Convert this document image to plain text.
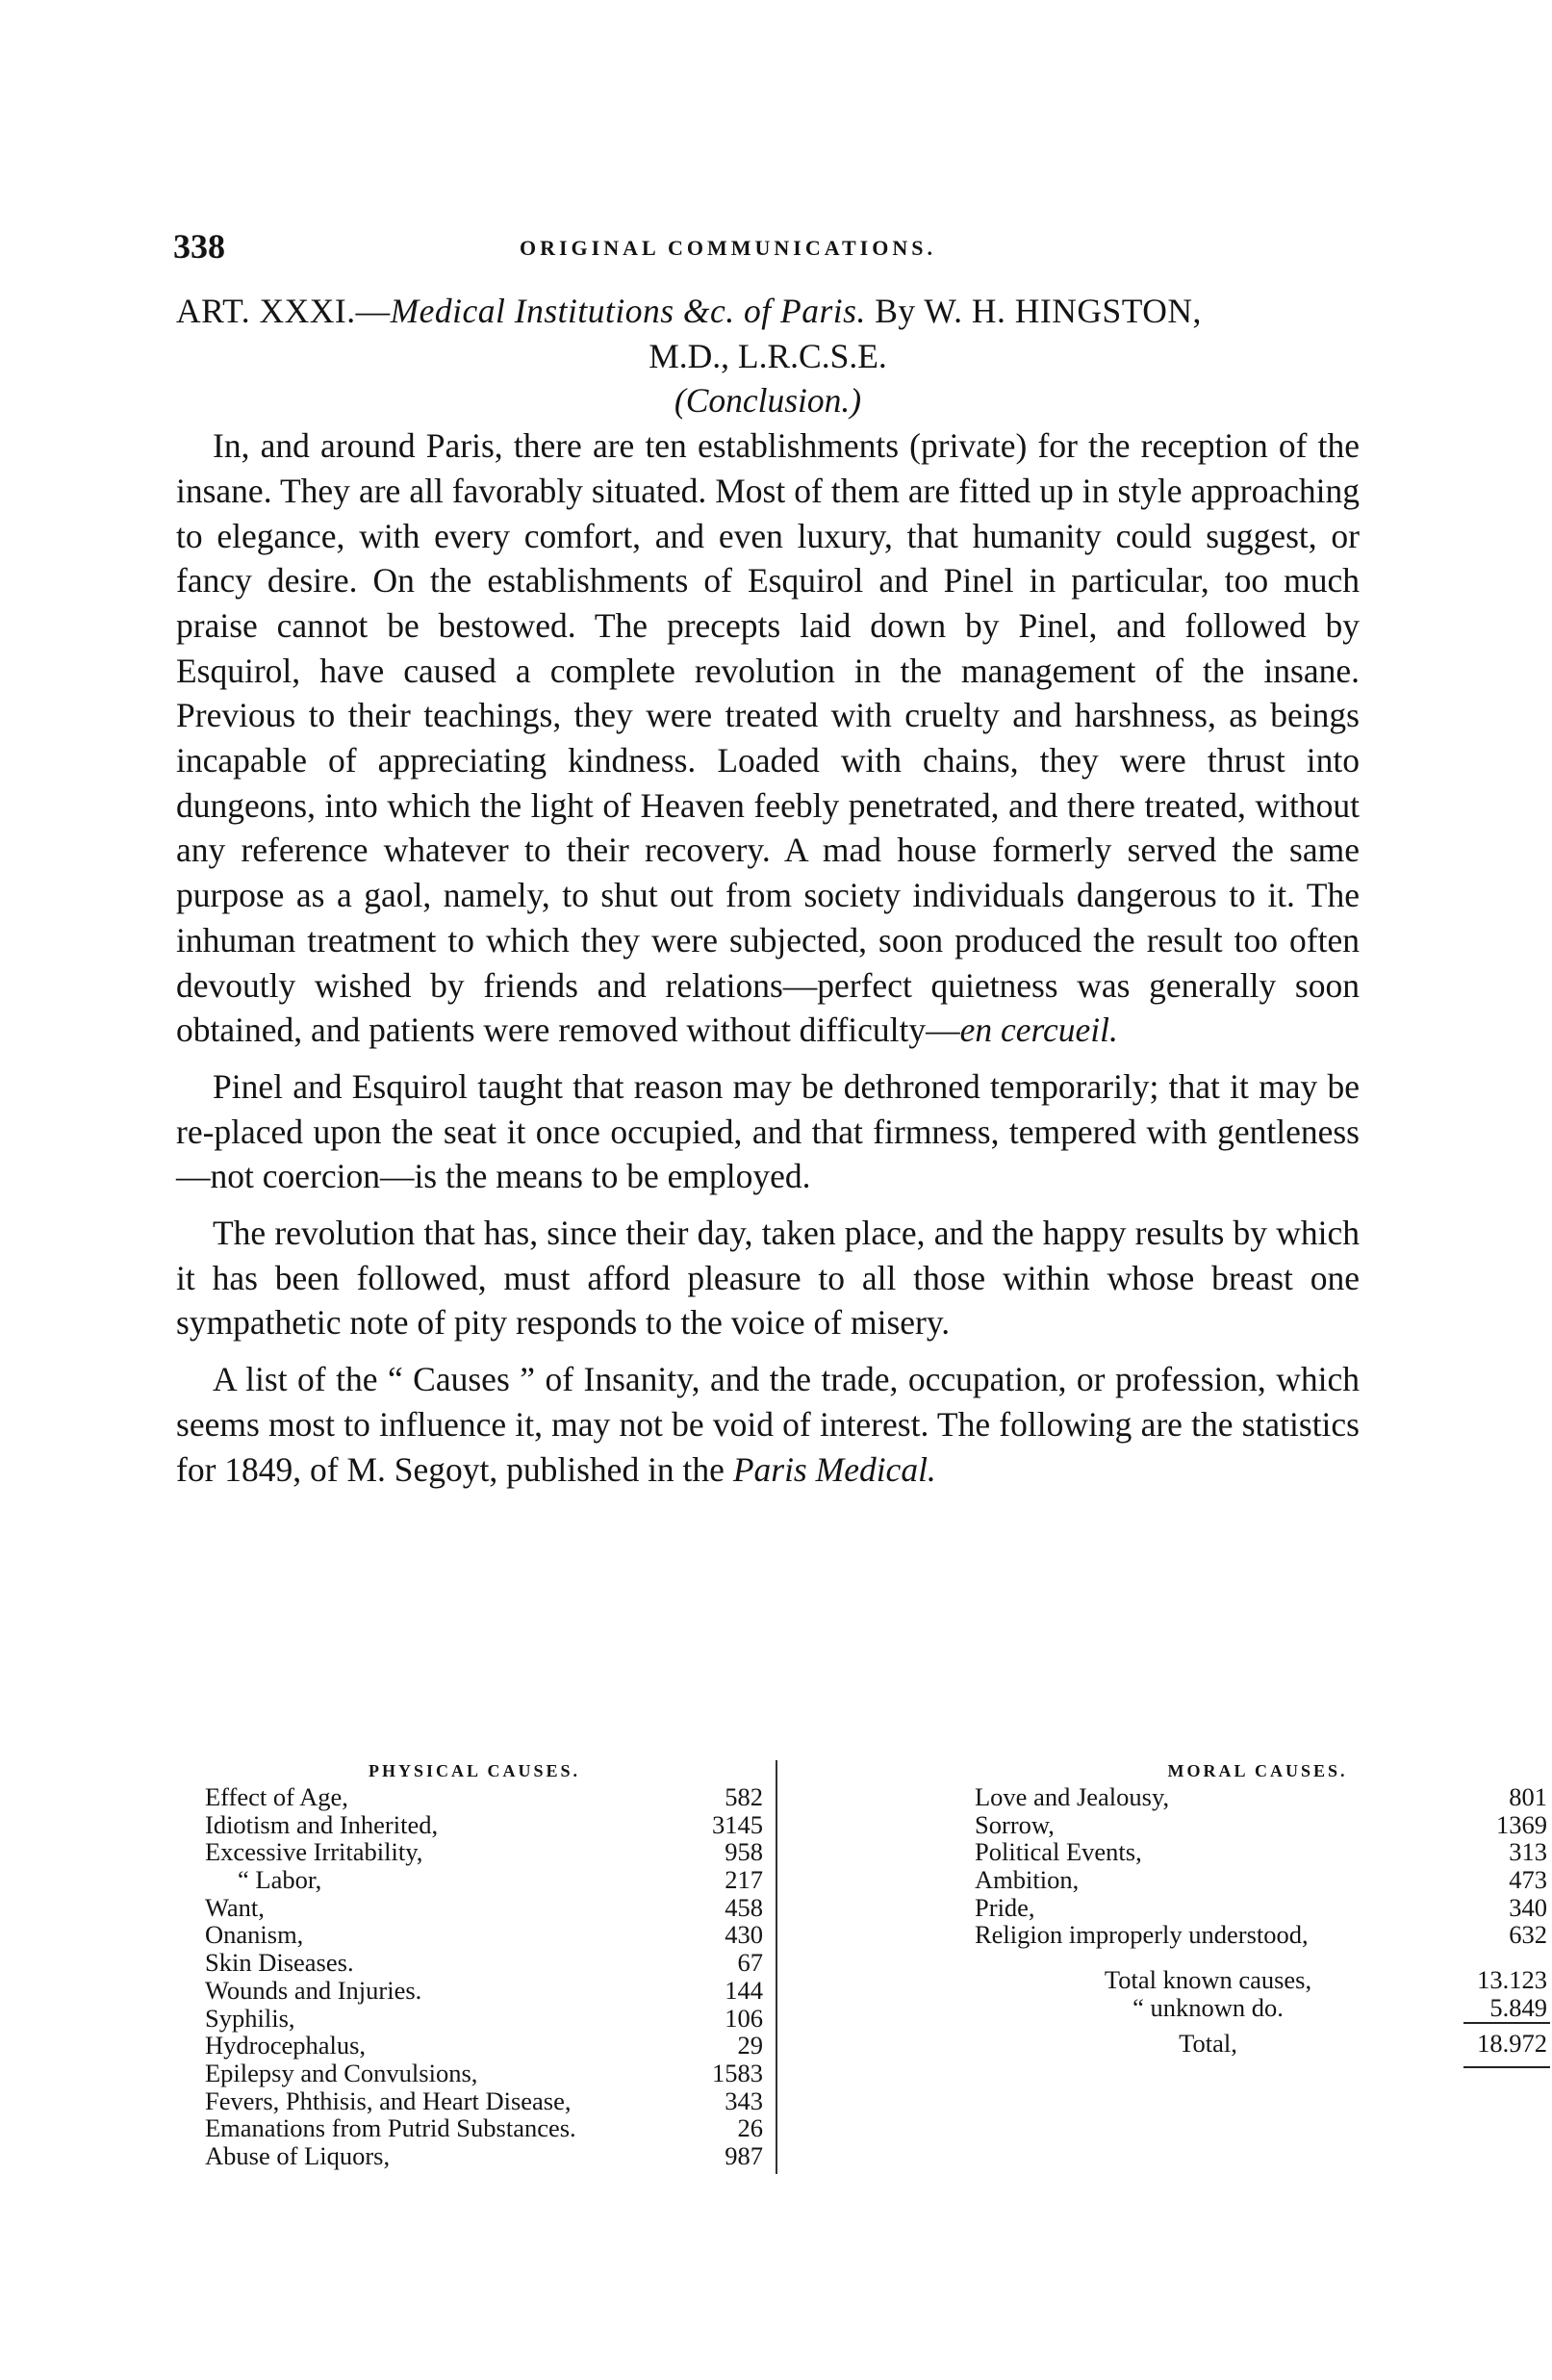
338	ORIGINAL COMMUNICATIONS.

ART. XXXI.—Medical Institutions &c. of Paris. By W. H. HINGSTON,

M.D., L.R.C.S.E.

(Conclusion.)

In, and around Paris, there are ten establishments (private) for the reception of the insane. They are all favorably situated. Most of them are fitted up in style approaching to elegance, with every comfort, and even luxury, that humanity could suggest, or fancy desire. On the establishments of Esquirol and Pinel in particular, too much praise cannot be bestowed. The precepts laid down by Pinel, and followed by Esquirol, have caused a complete revolution in the management of the insane. Previous to their teachings, they were treated with cruelty and harshness, as beings incapable of appreciating kindness. Loaded with chains, they were thrust into dungeons, into which the light of Heaven feebly penetrated, and there treated, without any reference whatever to their recovery. A mad house formerly served the same purpose as a gaol, namely, to shut out from society individuals dangerous to it. The inhuman treatment to which they were subjected, soon produced the result too often devoutly wished by friends and relations—perfect quietness was generally soon obtained, and patients were removed without difficulty—en cercueil.

Pinel and Esquirol taught that reason may be dethroned temporarily; that it may be re-placed upon the seat it once occupied, and that firmness, tempered with gentleness—not coercion—is the means to be employed.

The revolution that has, since their day, taken place, and the happy results by which it has been followed, must afford pleasure to all those within whose breast one sympathetic note of pity responds to the voice of misery.

A list of the “ Causes ” of Insanity, and the trade, occupation, or profession, which seems most to influence it, may not be void of interest. The following are the statistics for 1849, of M. Segoyt, published in the Paris Medical.

PHYSICAL CAUSES.
Effect of Age,	582
Idiotism and Inherited,	3145
Excessive Irritability,	958
“ Labor,	217
Want,	458
Onanism,	430
Skin Diseases.	67
Wounds and Injuries.	144
Syphilis,	106
Hydrocephalus,	29
Epilepsy and Convulsions,	1583
Fevers, Phthisis, and Heart Disease,	343
Emanations from Putrid Substances.	26
Abuse of Liquors,	987
MORAL CAUSES.
Love and Jealousy,	801
Sorrow,	1369
Political Events,	313
Ambition,	473
Pride,	340
Religion improperly understood,	632
Total known causes,	13.123
“ unknown do.	5.849
Total,	18.972
